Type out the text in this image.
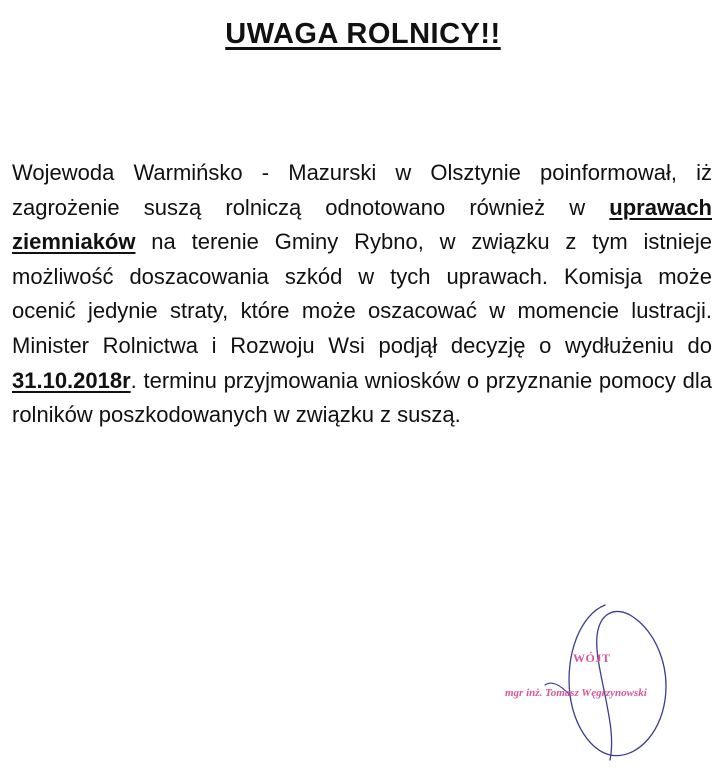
UWAGA ROLNICY!!
Wojewoda Warmińsko - Mazurski w Olsztynie poinformował, iż zagrożenie suszą rolniczą odnotowano również w uprawach ziemniaków na terenie Gminy Rybno, w związku z tym istnieje możliwość doszacowania szkód w tych uprawach. Komisja może ocenić jedynie straty, które może oszacować w momencie lustracji. Minister Rolnictwa i Rozwoju Wsi podjął decyzję o wydłużeniu do 31.10.2018r. terminu przyjmowania wniosków o przyznanie pomocy dla rolników poszkodowanych w związku z suszą.
WÓJT
mgr inż. Tomasz Węgrzynowski
